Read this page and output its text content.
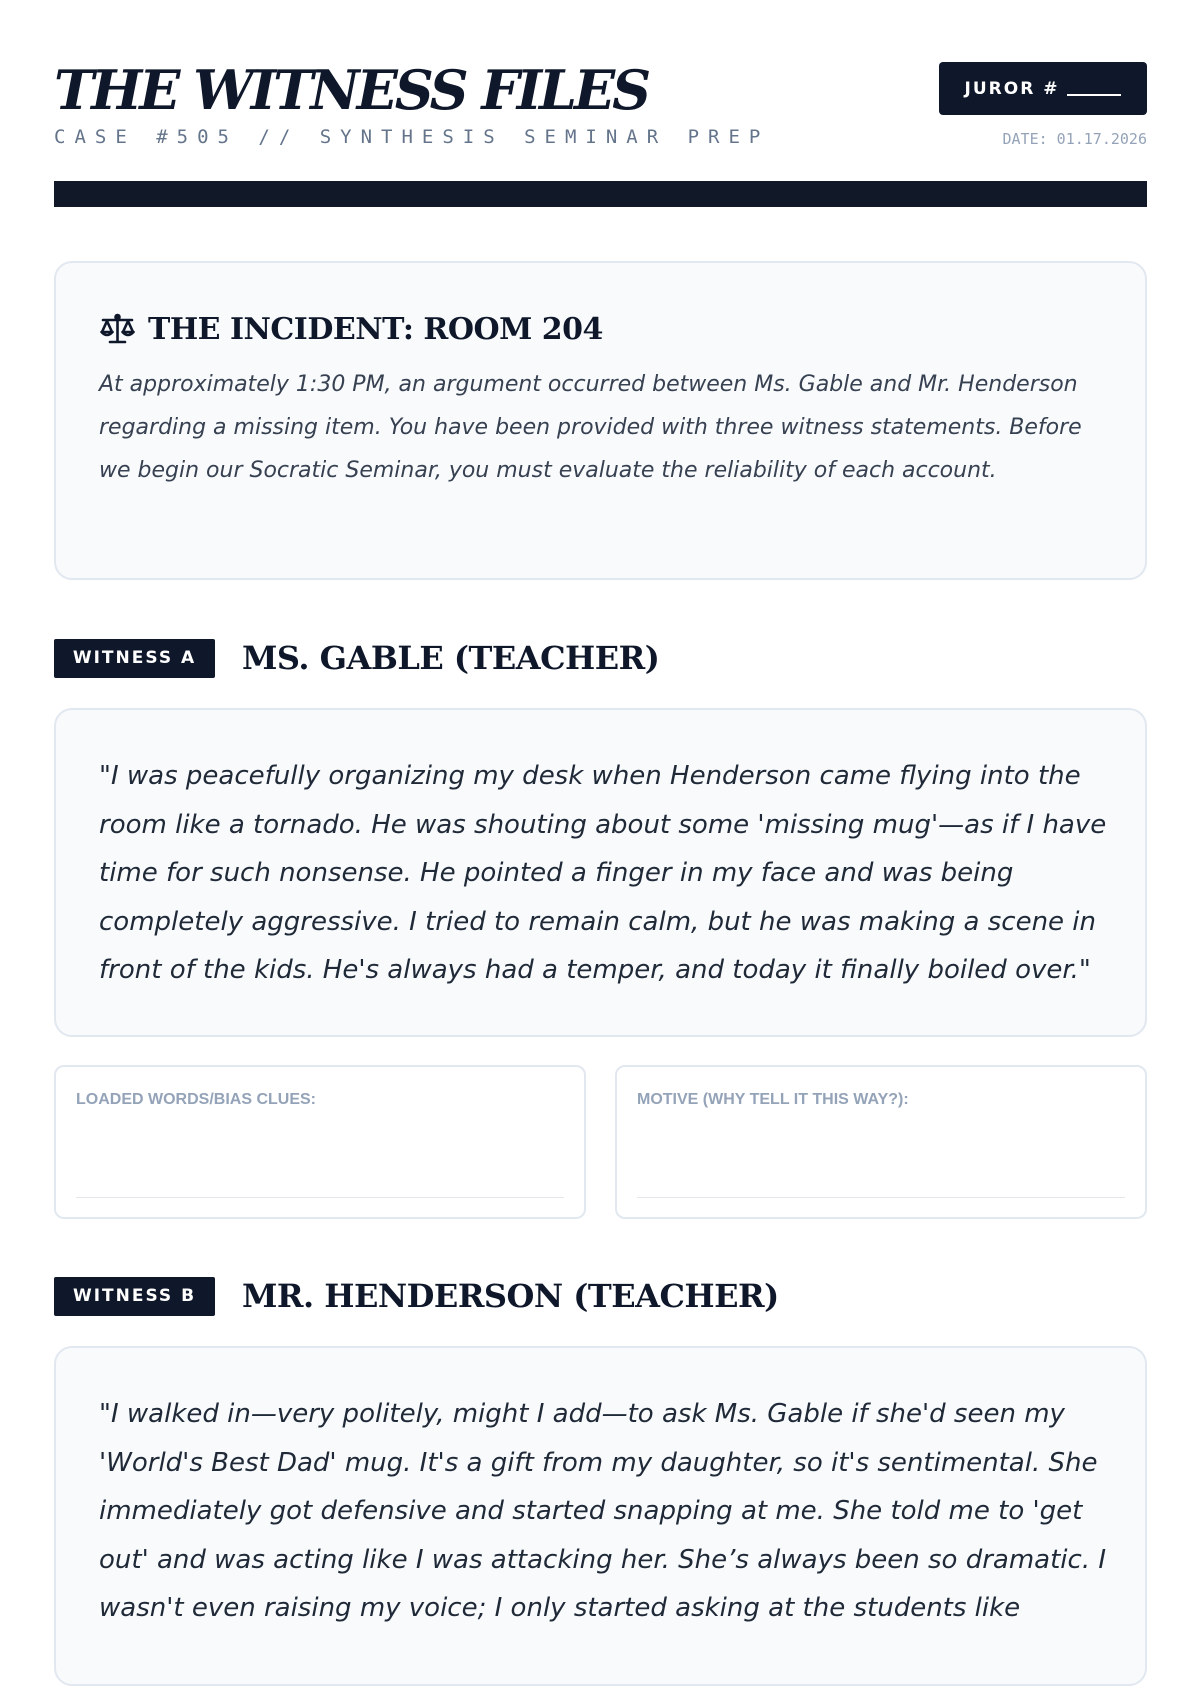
THE WITNESS FILES
CASE #505 // SYNTHESIS SEMINAR PREP
JUROR #
DATE: 01.17.2026
THE INCIDENT: ROOM 204
At approximately 1:30 PM, an argument occurred between Ms. Gable and Mr. Henderson regarding a missing item. You have been provided with three witness statements. Before we begin our Socratic Seminar, you must evaluate the reliability of each account.
WITNESS A	MS. GABLE (TEACHER)
"I was peacefully organizing my desk when Henderson came flying into the room like a tornado. He was shouting about some 'missing mug'—as if I have time for such nonsense. He pointed a finger in my face and was being completely aggressive. I tried to remain calm, but he was making a scene in front of the kids. He's always had a temper, and today it finally boiled over."
LOADED WORDS/BIAS CLUES:	MOTIVE (WHY TELL IT THIS WAY?):
WITNESS B	MR. HENDERSON (TEACHER)
"I walked in—very politely, might I add—to ask Ms. Gable if she'd seen my 'World's Best Dad' mug. It's a gift from my daughter, so it's sentimental. She immediately got defensive and started snapping at me. She told me to 'get out' and was acting like I was attacking her. She’s always been so dramatic. I wasn't even raising my voice; I only started asking at the students like
